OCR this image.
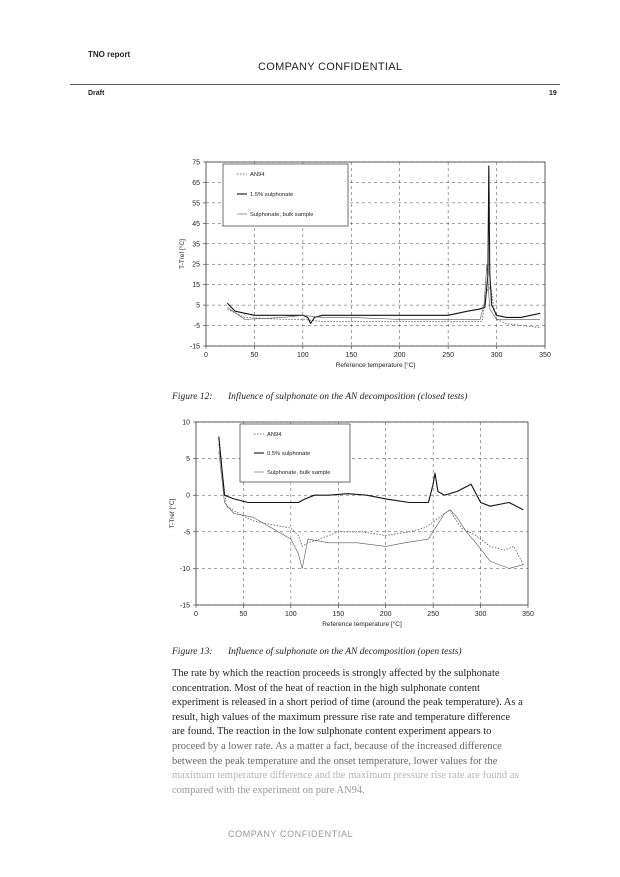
TNO report
COMPANY CONFIDENTIAL
Draft	19
75
65
55
45
35
25
15
5
-5
-15
0	50	100	150	200	250	300	350
Reference temperature [°C]
T-Tref [°C]
AN94
1.5% sulphonate
Sulphonate, bulk sample
Figure 12: Influence of sulphonate on the AN decomposition (closed tests)
10
5
0
-5
-10
-15
0	50	100	150	200	250	300	350
Reference temperature [°C]
T-Tref [°C]
AN94
0.5% sulphonate
Sulphonate, bulk sample
Figure 13: Influence of sulphonate on the AN decomposition (open tests)
The rate by which the reaction proceeds is strongly affected by the sulphonate
concentration. Most of the heat of reaction in the high sulphonate content
experiment is released in a short period of time (around the peak temperature). As a
result, high values of the maximum pressure rise rate and temperature difference
are found. The reaction in the low sulphonate content experiment appears to
proceed by a lower rate. As a matter a fact, because of the increased difference
between the peak temperature and the onset temperature, lower values for the
maximum temperature difference and the maximum pressure rise rate are found as
compared with the experiment on pure AN94.
COMPANY CONFIDENTIAL
